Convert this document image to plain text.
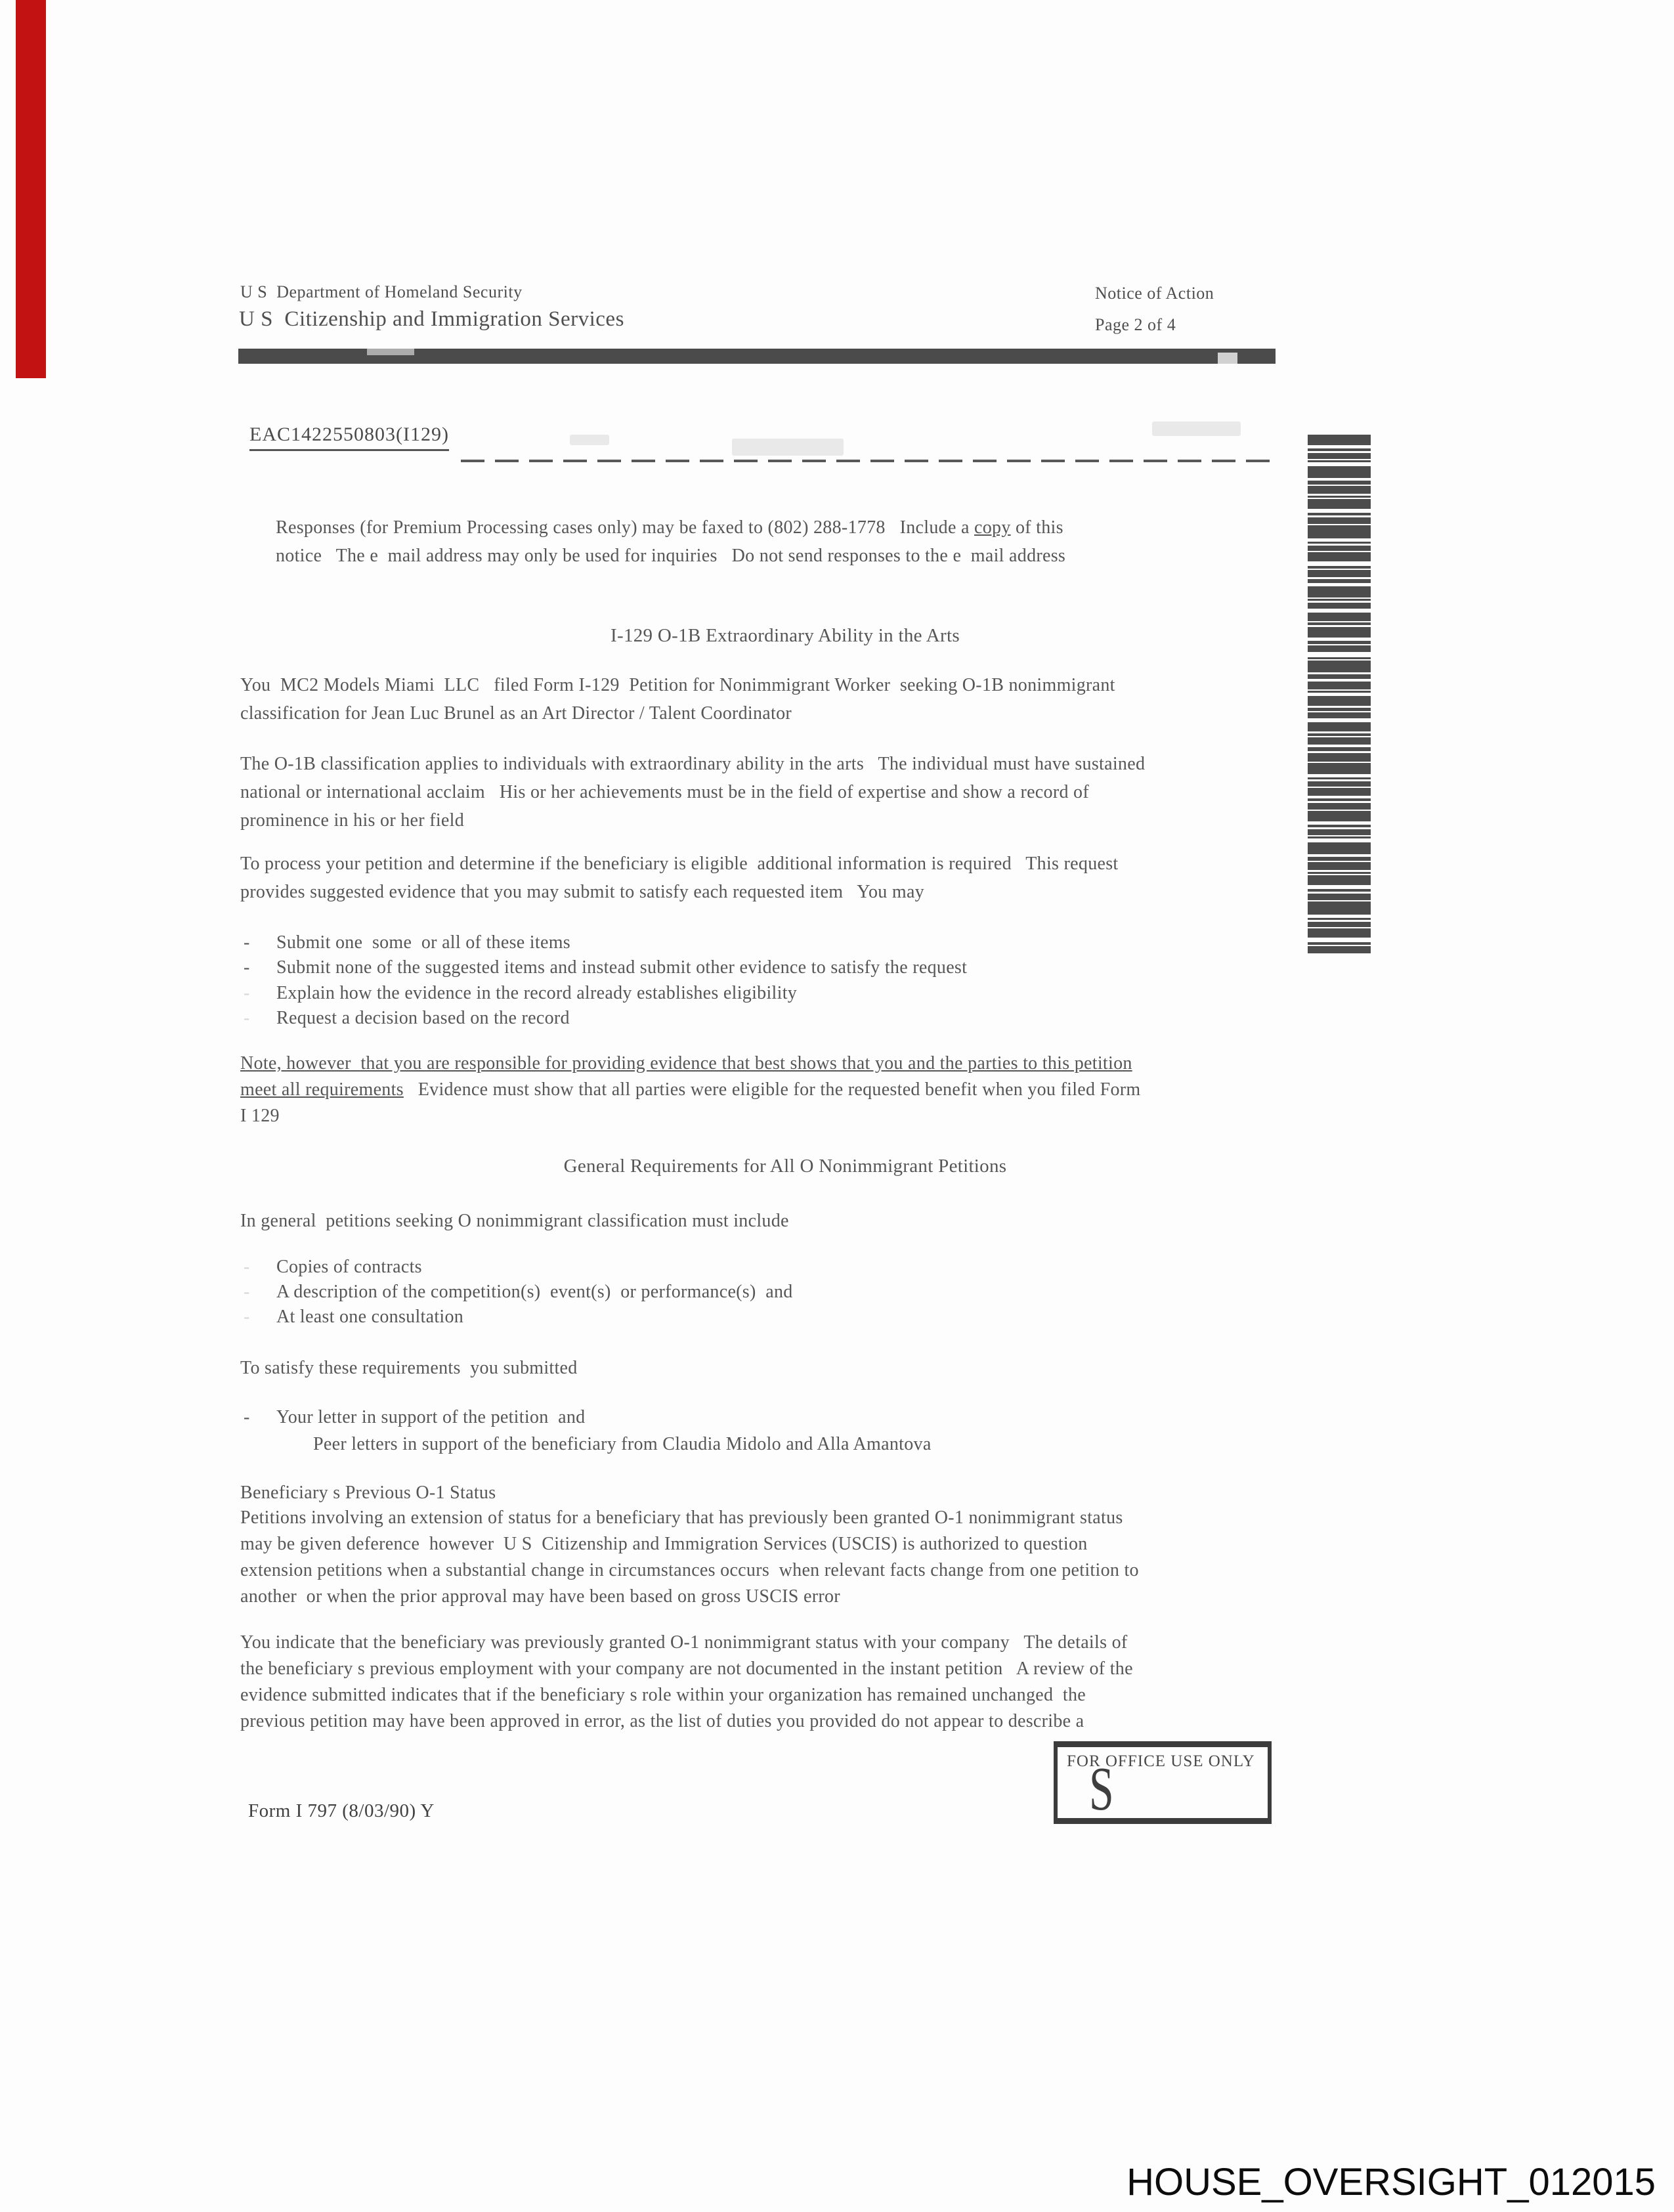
U S  Department of Homeland Security
U S  Citizenship and Immigration Services
Notice of Action
Page 2 of 4
EAC1422550803(I129)
Responses (for Premium Processing cases only) may be faxed to (802) 288-1778   Include a copy of this
notice   The e  mail address may only be used for inquiries   Do not send responses to the e  mail address
I-129 O-1B Extraordinary Ability in the Arts
You  MC2 Models Miami  LLC   filed Form I-129  Petition for Nonimmigrant Worker  seeking O-1B nonimmigrant
classification for Jean Luc Brunel as an Art Director / Talent Coordinator
The O-1B classification applies to individuals with extraordinary ability in the arts   The individual must have sustained
national or international acclaim   His or her achievements must be in the field of expertise and show a record of
prominence in his or her field
To process your petition and determine if the beneficiary is eligible  additional information is required   This request
provides suggested evidence that you may submit to satisfy each requested item   You may
- Submit one  some  or all of these items
- Submit none of the suggested items and instead submit other evidence to satisfy the request
- Explain how the evidence in the record already establishes eligibility
- Request a decision based on the record
Note, however  that you are responsible for providing evidence that best shows that you and the parties to this petition
meet all requirements   Evidence must show that all parties were eligible for the requested benefit when you filed Form
I 129
General Requirements for All O Nonimmigrant Petitions
In general  petitions seeking O nonimmigrant classification must include
- Copies of contracts
- A description of the competition(s)  event(s)  or performance(s)  and
- At least one consultation
To satisfy these requirements  you submitted
- Your letter in support of the petition  and
Peer letters in support of the beneficiary from Claudia Midolo and Alla Amantova
Beneficiary s Previous O-1 Status
Petitions involving an extension of status for a beneficiary that has previously been granted O-1 nonimmigrant status
may be given deference  however  U S  Citizenship and Immigration Services (USCIS) is authorized to question
extension petitions when a substantial change in circumstances occurs  when relevant facts change from one petition to
another  or when the prior approval may have been based on gross USCIS error
You indicate that the beneficiary was previously granted O-1 nonimmigrant status with your company   The details of
the beneficiary s previous employment with your company are not documented in the instant petition   A review of the
evidence submitted indicates that if the beneficiary s role within your organization has remained unchanged  the
previous petition may have been approved in error, as the list of duties you provided do not appear to describe a
FOR OFFICE USE ONLY
S
Form I 797 (8/03/90) Y
HOUSE_OVERSIGHT_012015
